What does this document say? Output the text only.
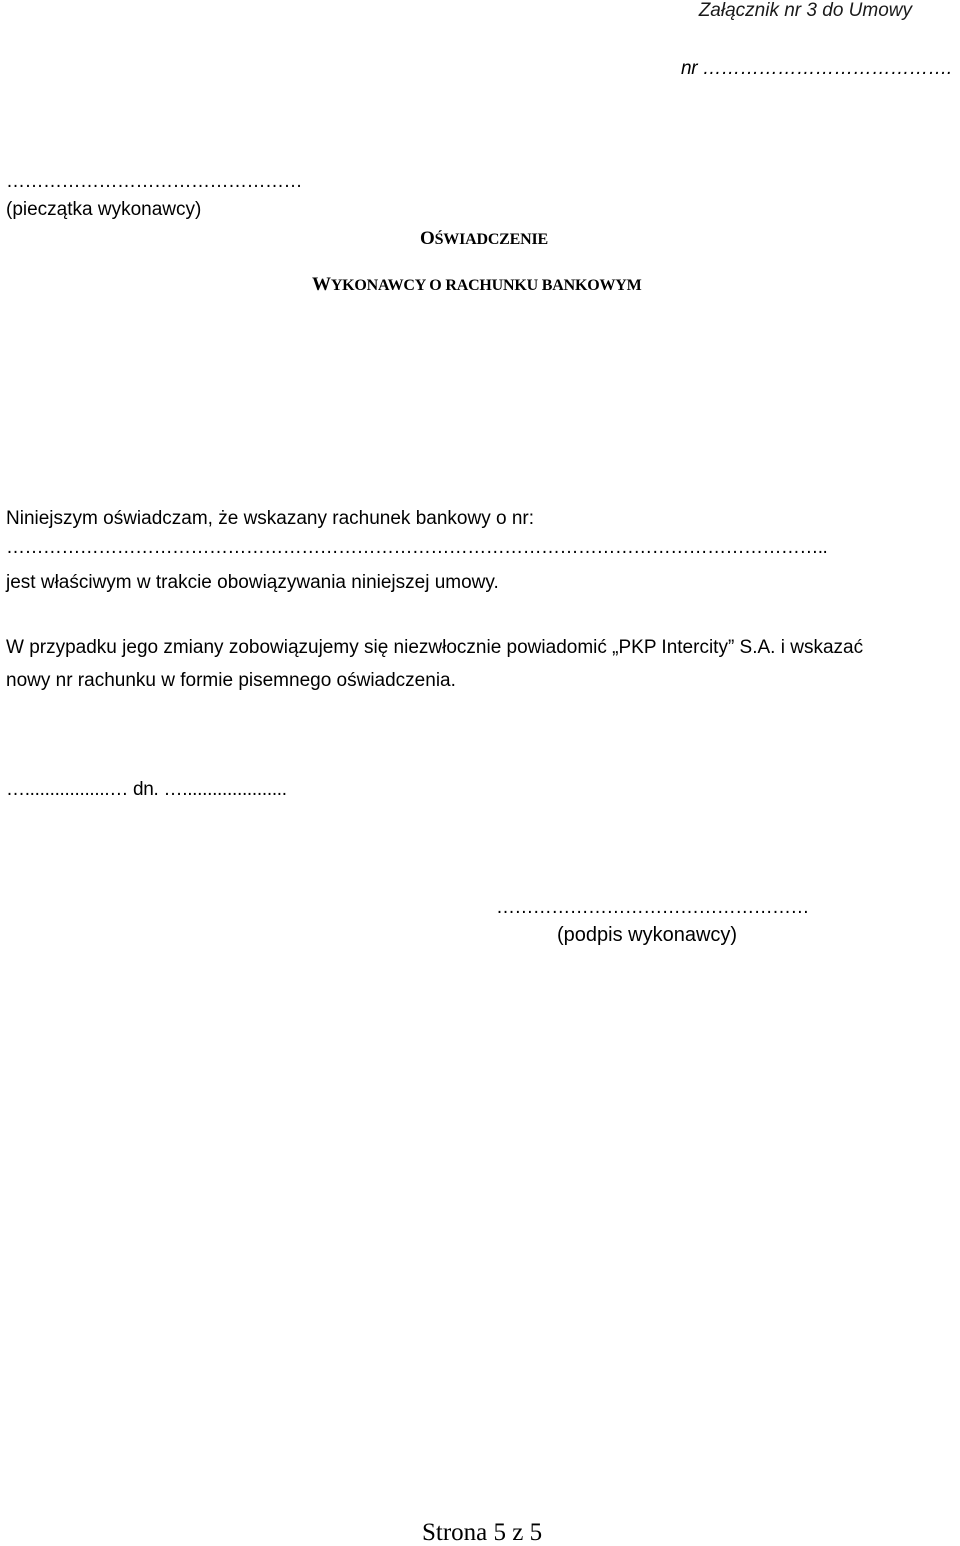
Załącznik nr 3 do Umowy
nr ………………………………….
…………………………………………
(pieczątka wykonawcy)
OŚWIADCZENIE
WYKONAWCY O RACHUNKU BANKOWYM
Niniejszym oświadczam, że wskazany rachunek bankowy o nr:
……………………………………………………………………………………………………………………..
jest właściwym w trakcie obowiązywania niniejszej umowy.
W przypadku jego zmiany zobowiązujemy się niezwłocznie powiadomić „PKP Intercity” S.A. i wskazać
nowy nr rachunku w formie pisemnego oświadczenia.
….................… dn. ….....................
……………………………………………
(podpis wykonawcy)
Strona 5 z 5
